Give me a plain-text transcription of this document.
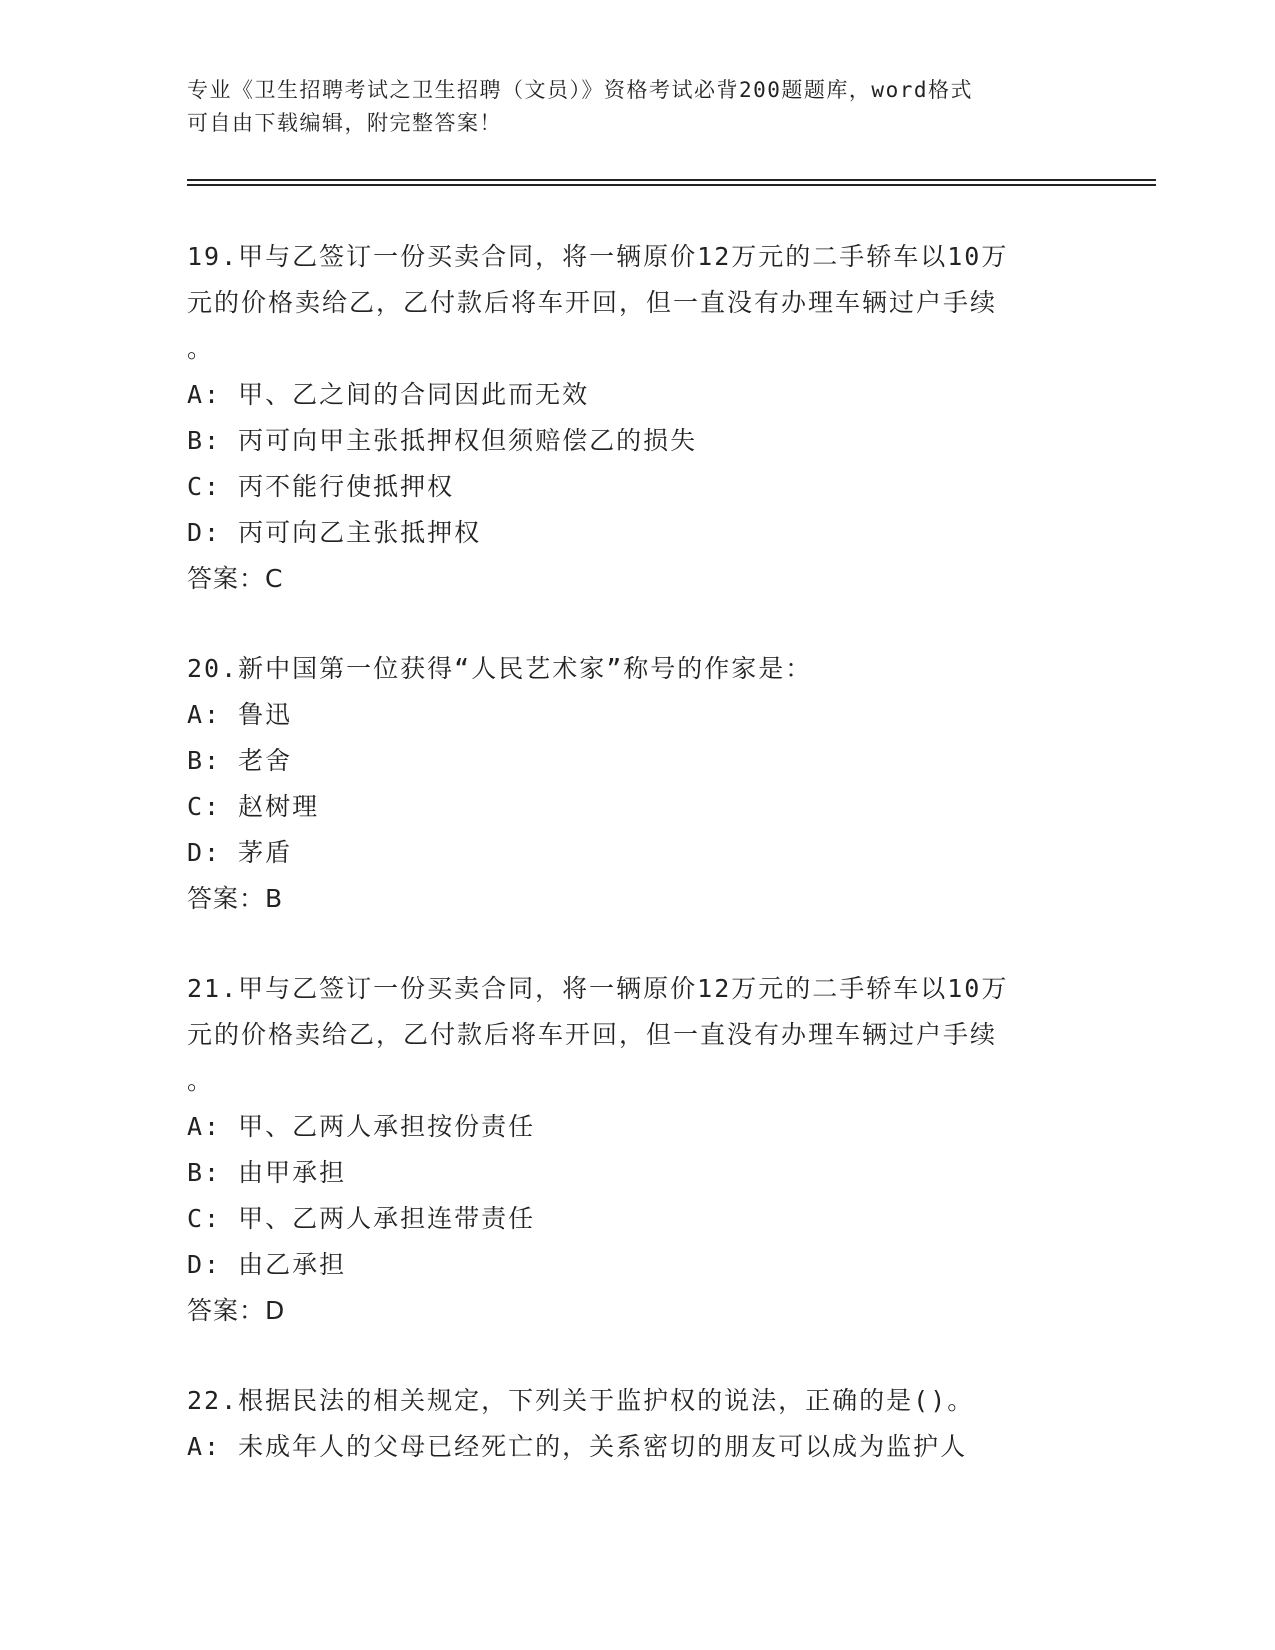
专业《卫生招聘考试之卫生招聘（文员）》资格考试必背200题题库，word格式
可自由下载编辑，附完整答案！
19.甲与乙签订一份买卖合同，将一辆原价12万元的二手轿车以10万
元的价格卖给乙，乙付款后将车开回，但一直没有办理车辆过户手续
。
A: 甲、乙之间的合同因此而无效
B: 丙可向甲主张抵押权但须赔偿乙的损失
C: 丙不能行使抵押权
D: 丙可向乙主张抵押权
答案：C
20.新中国第一位获得“人民艺术家”称号的作家是：
A: 鲁迅
B: 老舍
C: 赵树理
D: 茅盾
答案：B
21.甲与乙签订一份买卖合同，将一辆原价12万元的二手轿车以10万
元的价格卖给乙，乙付款后将车开回，但一直没有办理车辆过户手续
。
A: 甲、乙两人承担按份责任
B: 由甲承担
C: 甲、乙两人承担连带责任
D: 由乙承担
答案：D
22.根据民法的相关规定，下列关于监护权的说法，正确的是()。
A: 未成年人的父母已经死亡的，关系密切的朋友可以成为监护人
